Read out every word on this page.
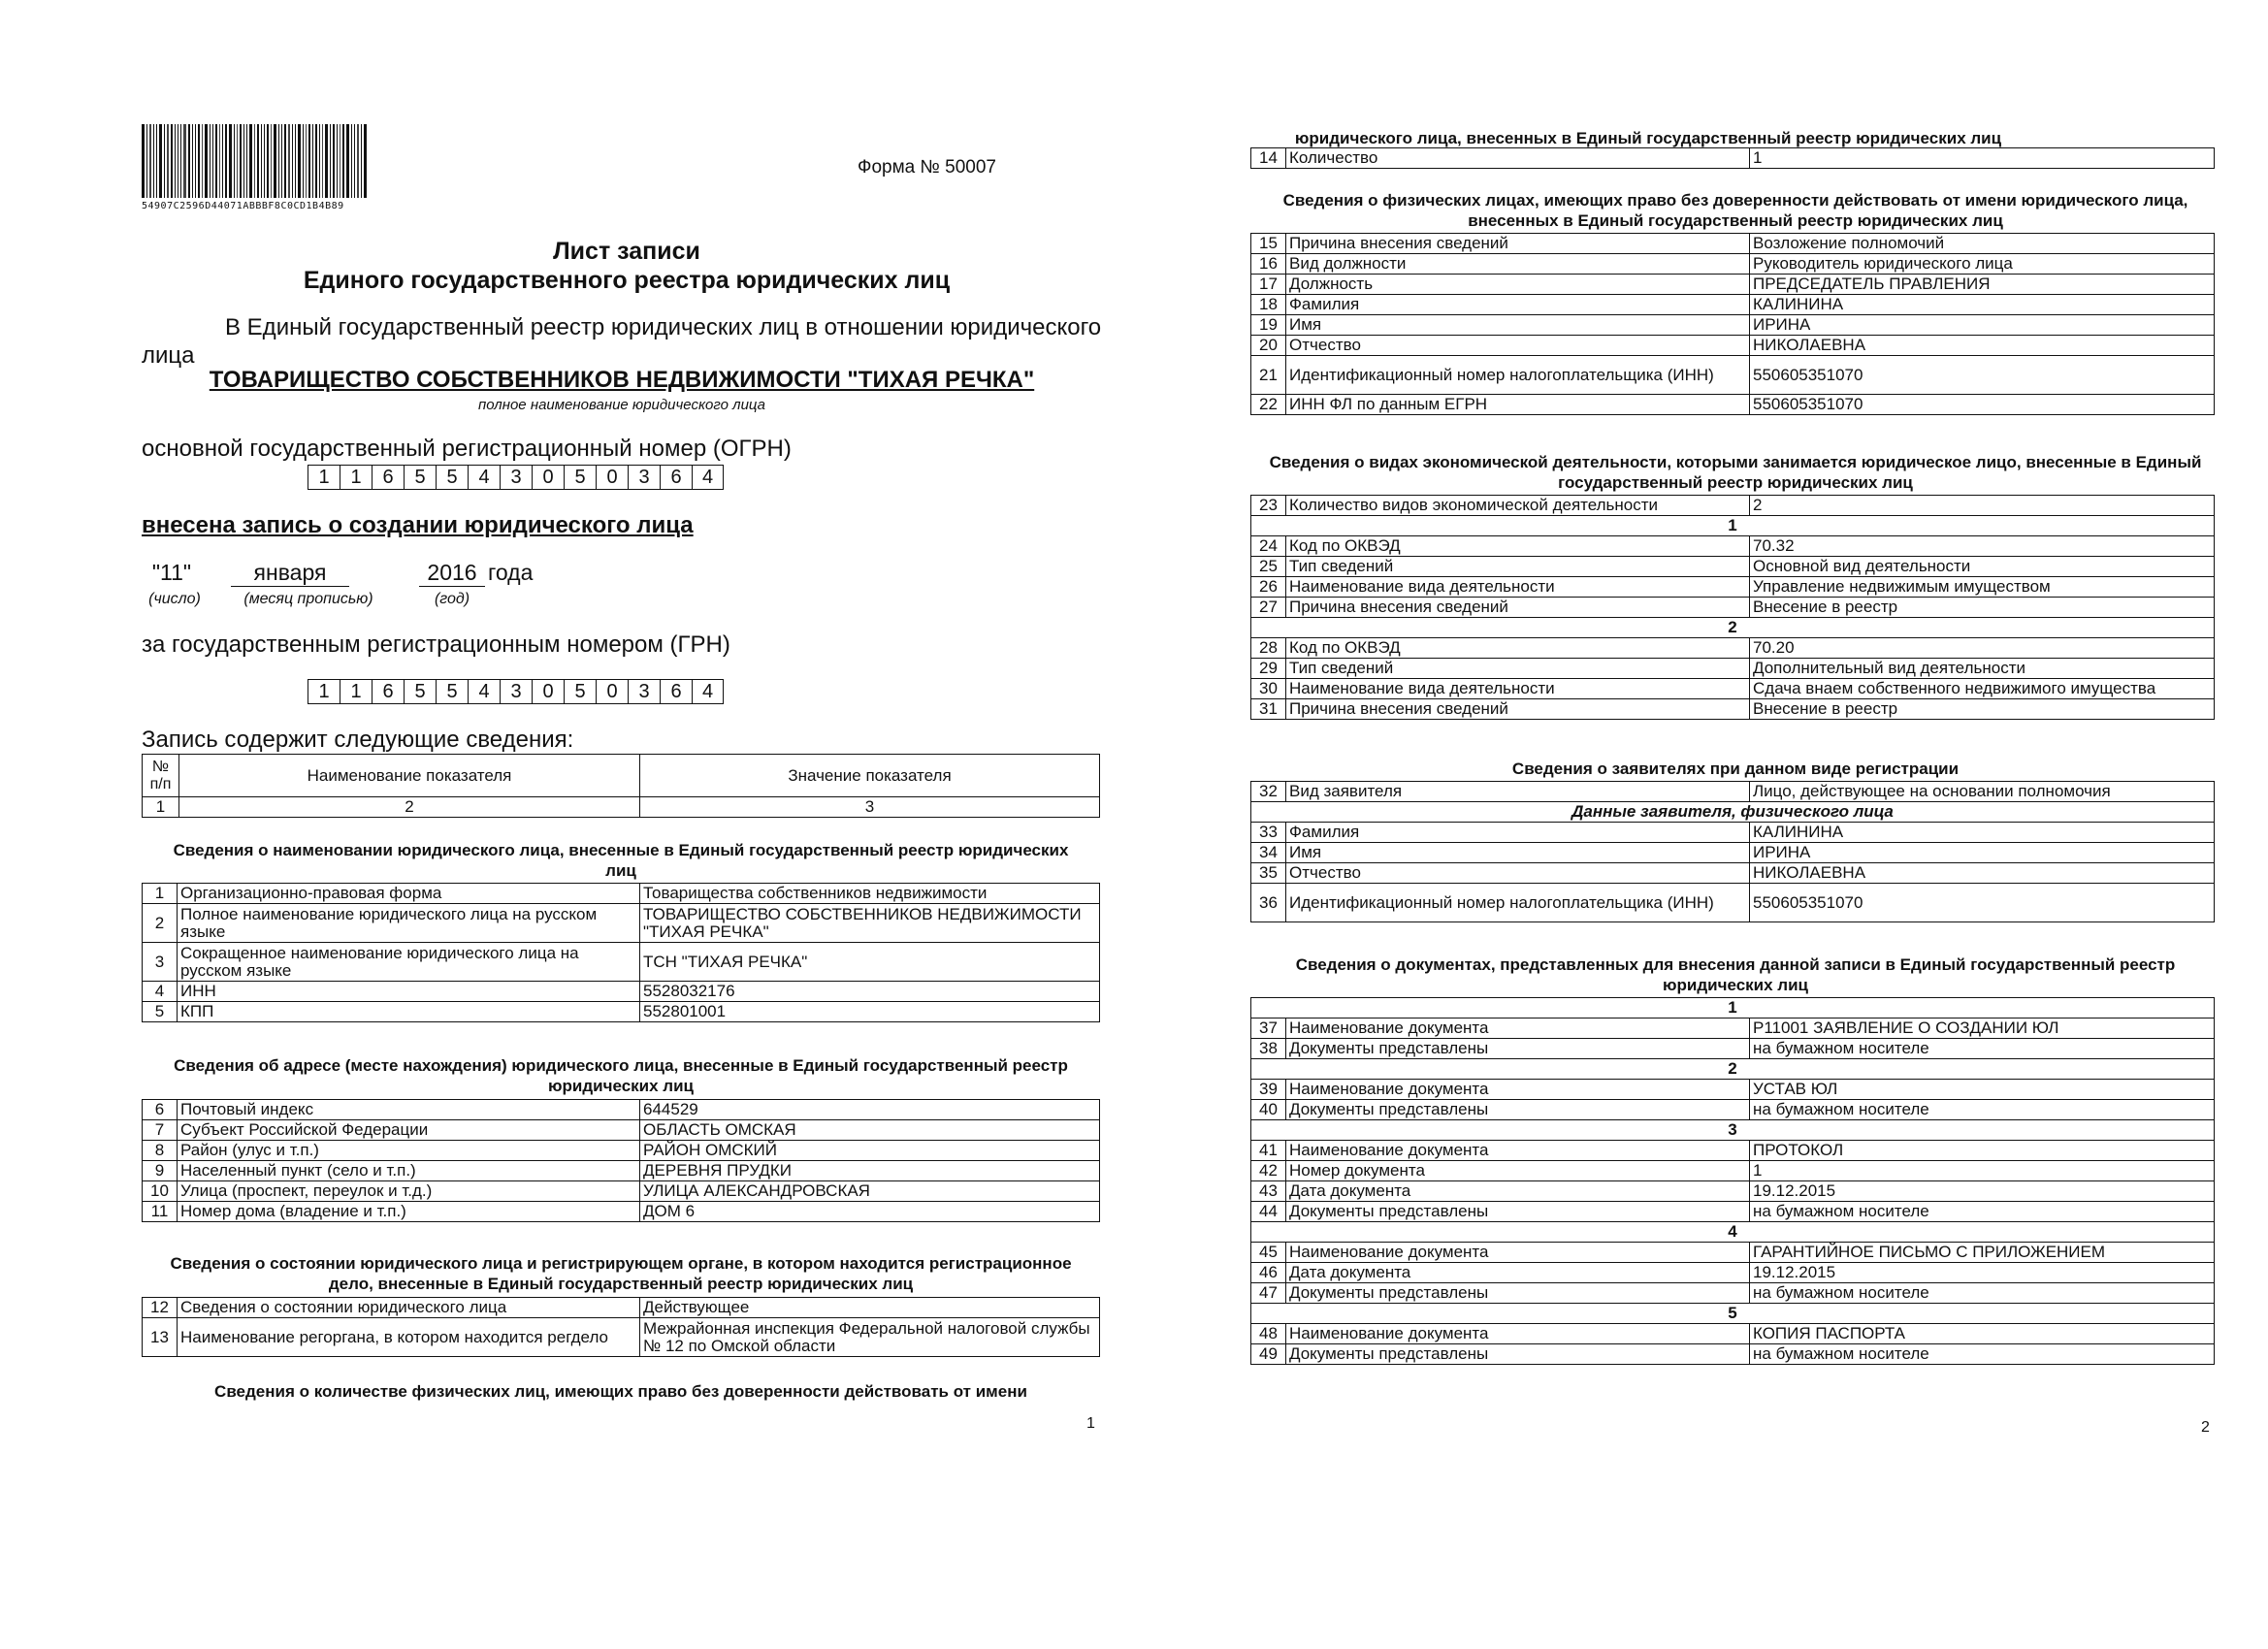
54907C2596D44071ABBBF8C0CD1B4B89
Форма № 50007
Лист записи
Единого государственного реестра юридических лиц
В Единый государственный реестр юридических лиц в отношении юридического
лица
ТОВАРИЩЕСТВО СОБСТВЕННИКОВ НЕДВИЖИМОСТИ "ТИХАЯ РЕЧКА"
полное наименование юридического лица
основной государственный регистрационный номер (ОГРН)
1	1	6	5	5	4	3	0	5	0	3	6	4
внесена запись о создании юридического лица
"11"	января	2016 года
(число)	(месяц прописью)	(год)
за государственным регистрационным номером (ГРН)
1	1	6	5	5	4	3	0	5	0	3	6	4
Запись содержит следующие сведения:
№ п/п	Наименование показателя	Значение показателя
1	2	3
Сведения о наименовании юридического лица, внесенные в Единый государственный реестр юридических лиц
1	Организационно-правовая форма	Товарищества собственников недвижимости
2	Полное наименование юридического лица на русском языке	ТОВАРИЩЕСТВО СОБСТВЕННИКОВ НЕДВИЖИМОСТИ "ТИХАЯ РЕЧКА"
3	Сокращенное наименование юридического лица на русском языке	ТСН "ТИХАЯ РЕЧКА"
4	ИНН	5528032176
5	КПП	552801001
Сведения об адресе (месте нахождения) юридического лица, внесенные в Единый государственный реестр юридических лиц
6	Почтовый индекс	644529
7	Субъект Российской Федерации	ОБЛАСТЬ ОМСКАЯ
8	Район (улус и т.п.)	РАЙОН ОМСКИЙ
9	Населенный пункт (село и т.п.)	ДЕРЕВНЯ ПРУДКИ
10	Улица (проспект, переулок и т.д.)	УЛИЦА АЛЕКСАНДРОВСКАЯ
11	Номер дома (владение и т.п.)	ДОМ 6
Сведения о состоянии юридического лица и регистрирующем органе, в котором находится регистрационное дело, внесенные в Единый государственный реестр юридических лиц
12	Сведения о состоянии юридического лица	Действующее
13	Наименование регоргана, в котором находится регдело	Межрайонная инспекция Федеральной налоговой службы № 12 по Омской области
Сведения о количестве физических лиц, имеющих право без доверенности действовать от имени
1
юридического лица, внесенных в Единый государственный реестр юридических лиц
14	Количество	1
Сведения о физических лицах, имеющих право без доверенности действовать от имени юридического лица, внесенных в Единый государственный реестр юридических лиц
15	Причина внесения сведений	Возложение полномочий
16	Вид должности	Руководитель юридического лица
17	Должность	ПРЕДСЕДАТЕЛЬ ПРАВЛЕНИЯ
18	Фамилия	КАЛИНИНА
19	Имя	ИРИНА
20	Отчество	НИКОЛАЕВНА
21	Идентификационный номер налогоплательщика (ИНН)	550605351070
22	ИНН ФЛ по данным ЕГРН	550605351070
Сведения о видах экономической деятельности, которыми занимается юридическое лицо, внесенные в Единый государственный реестр юридических лиц
23	Количество видов экономической деятельности	2
1		
24	Код по ОКВЭД	70.32
25	Тип сведений	Основной вид деятельности
26	Наименование вида деятельности	Управление недвижимым имуществом
27	Причина внесения сведений	Внесение в реестр
2		
28	Код по ОКВЭД	70.20
29	Тип сведений	Дополнительный вид деятельности
30	Наименование вида деятельности	Сдача внаем собственного недвижимого имущества
31	Причина внесения сведений	Внесение в реестр
Сведения о заявителях при данном виде регистрации
32	Вид заявителя	Лицо, действующее на основании полномочия
Данные заявителя, физического лица		
33	Фамилия	КАЛИНИНА
34	Имя	ИРИНА
35	Отчество	НИКОЛАЕВНА
36	Идентификационный номер налогоплательщика (ИНН)	550605351070
Сведения о документах, представленных для внесения данной записи в Единый государственный реестр юридических лиц
1		
37	Наименование документа	Р11001 ЗАЯВЛЕНИЕ О СОЗДАНИИ ЮЛ
38	Документы представлены	на бумажном носителе
2		
39	Наименование документа	УСТАВ ЮЛ
40	Документы представлены	на бумажном носителе
3		
41	Наименование документа	ПРОТОКОЛ
42	Номер документа	1
43	Дата документа	19.12.2015
44	Документы представлены	на бумажном носителе
4		
45	Наименование документа	ГАРАНТИЙНОЕ ПИСЬМО С ПРИЛОЖЕНИЕМ
46	Дата документа	19.12.2015
47	Документы представлены	на бумажном носителе
5		
48	Наименование документа	КОПИЯ ПАСПОРТА
49	Документы представлены	на бумажном носителе
2
